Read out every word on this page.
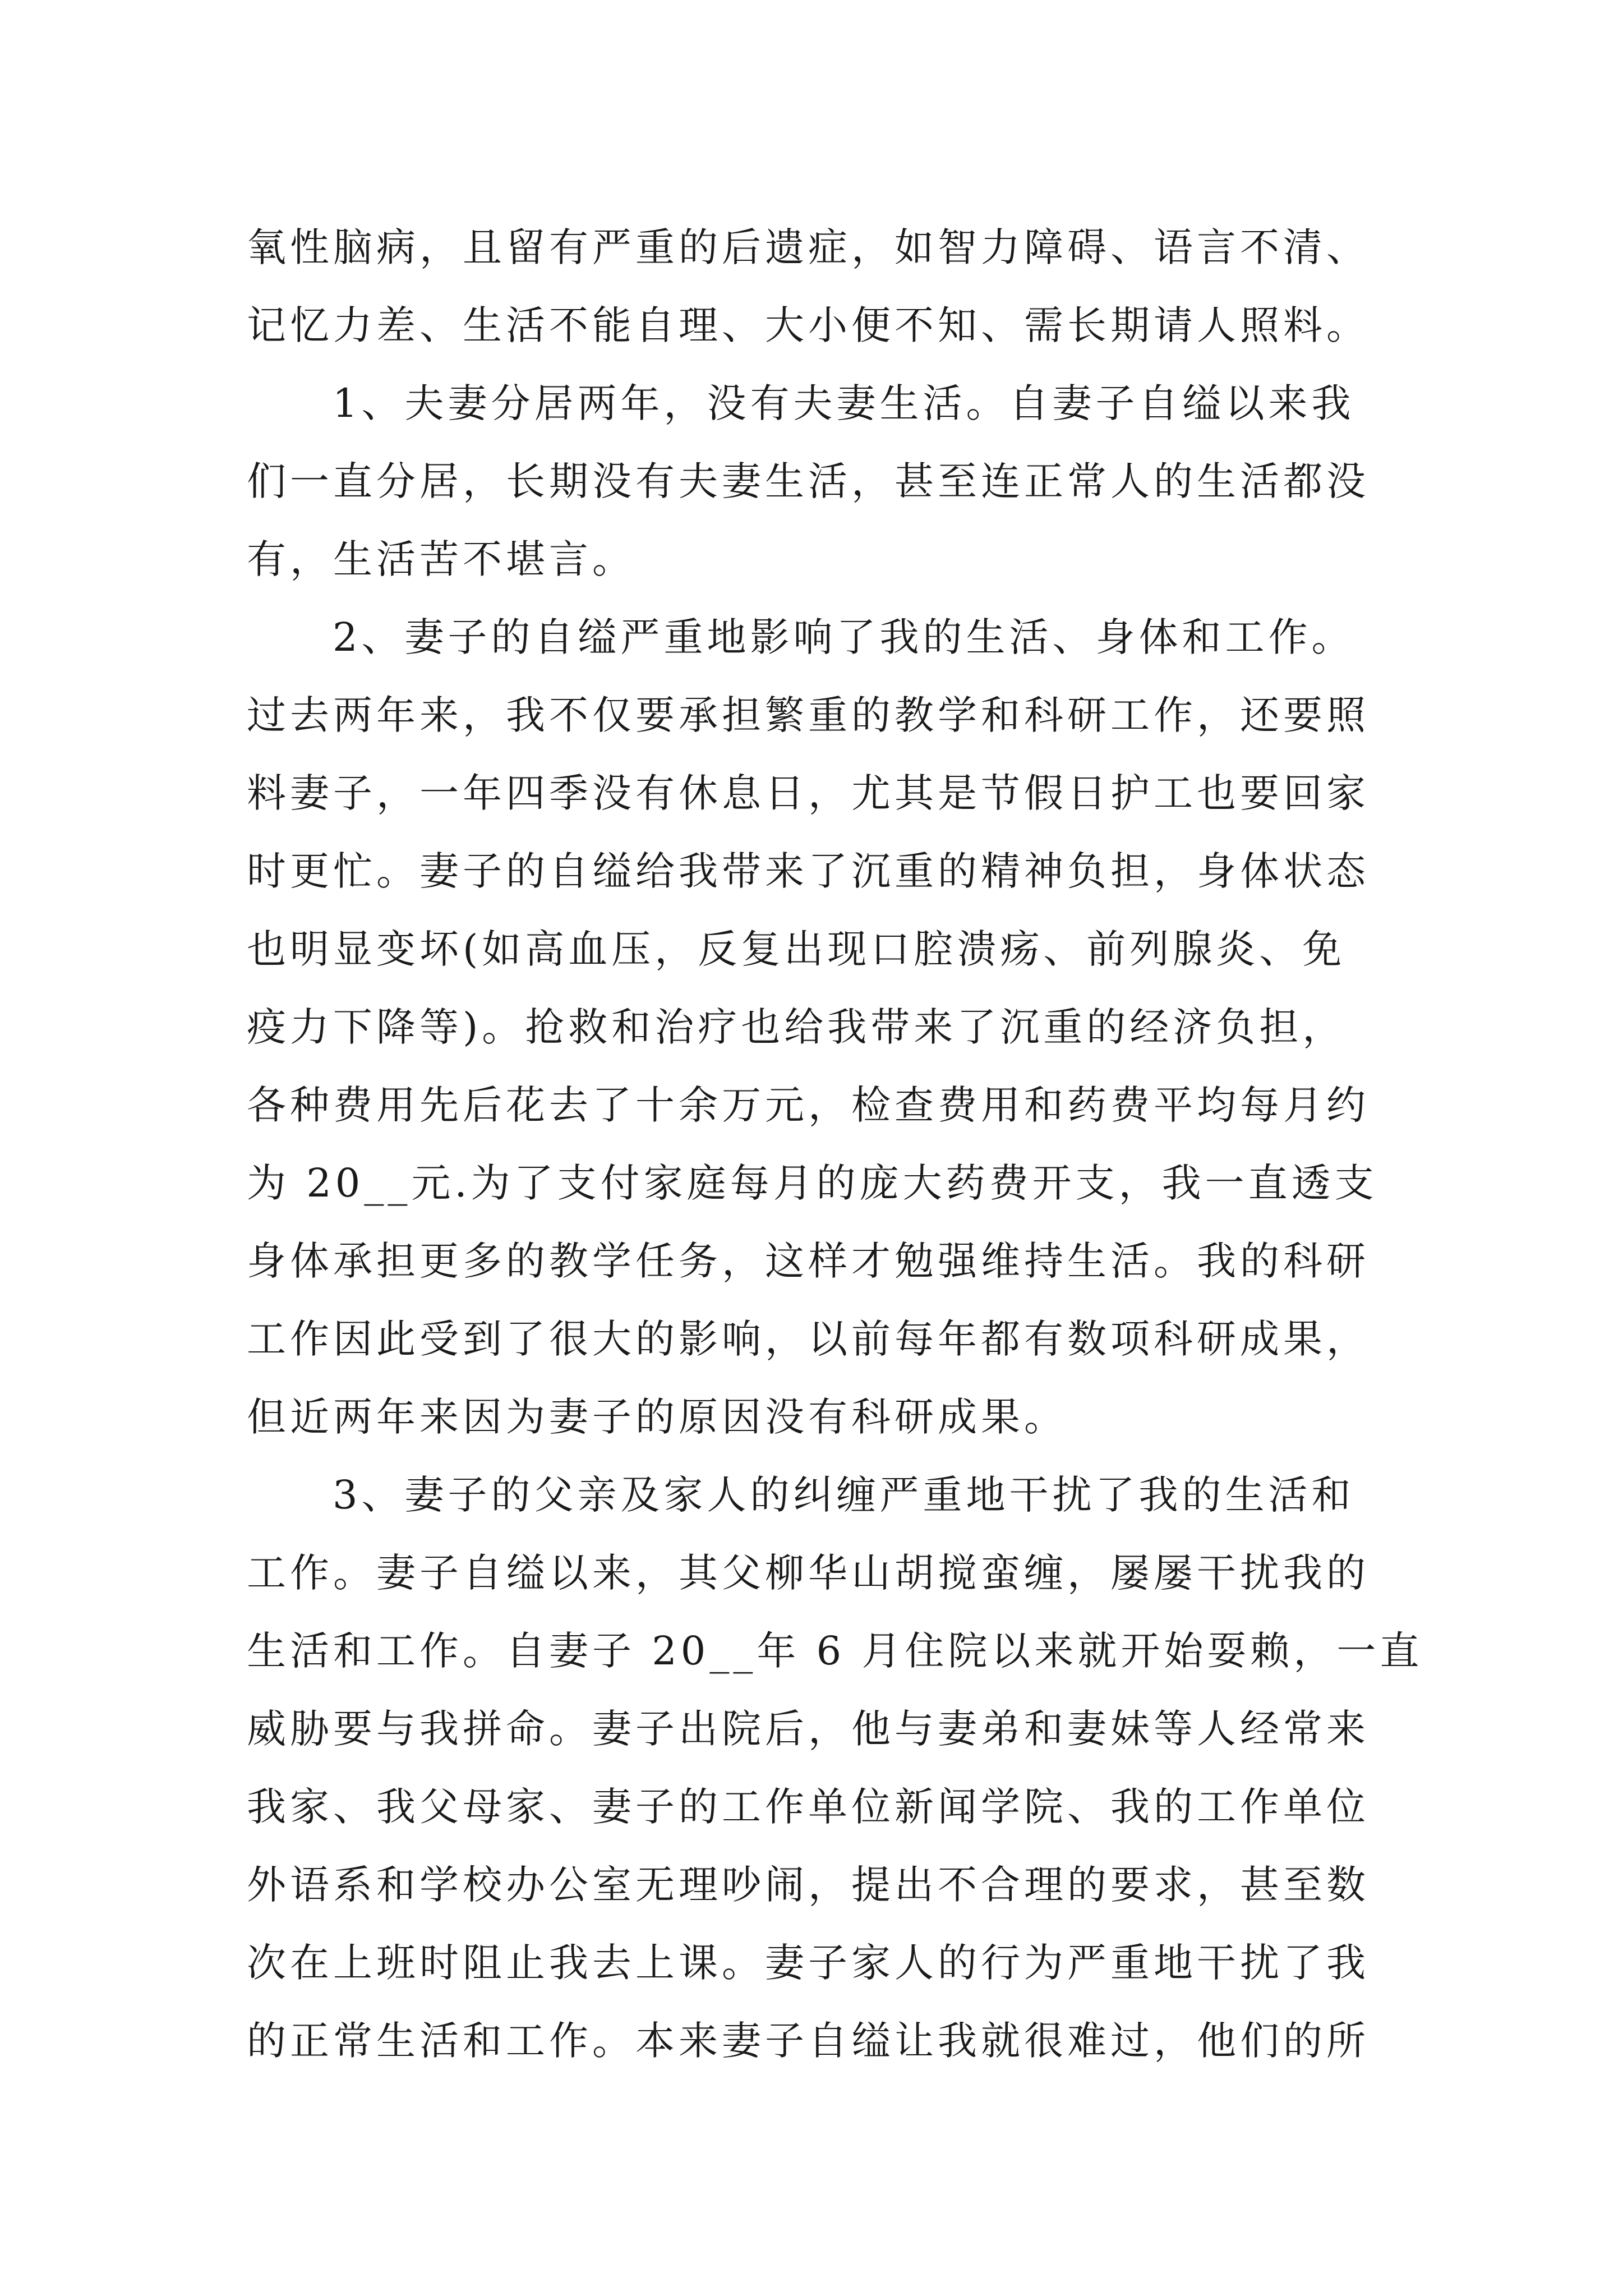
氧性脑病，且留有严重的后遗症，如智力障碍、语言不清、
记忆力差、生活不能自理、大小便不知、需长期请人照料。
1、夫妻分居两年，没有夫妻生活。自妻子自缢以来我
们一直分居，长期没有夫妻生活，甚至连正常人的生活都没
有，生活苦不堪言。
2、妻子的自缢严重地影响了我的生活、身体和工作。
过去两年来，我不仅要承担繁重的教学和科研工作，还要照
料妻子，一年四季没有休息日，尤其是节假日护工也要回家
时更忙。妻子的自缢给我带来了沉重的精神负担，身体状态
也明显变坏(如高血压，反复出现口腔溃疡、前列腺炎、免
疫力下降等)。抢救和治疗也给我带来了沉重的经济负担，
各种费用先后花去了十余万元，检查费用和药费平均每月约
为 20__元.为了支付家庭每月的庞大药费开支，我一直透支
身体承担更多的教学任务，这样才勉强维持生活。我的科研
工作因此受到了很大的影响，以前每年都有数项科研成果，
但近两年来因为妻子的原因没有科研成果。
3、妻子的父亲及家人的纠缠严重地干扰了我的生活和
工作。妻子自缢以来，其父柳华山胡搅蛮缠，屡屡干扰我的
生活和工作。自妻子 20__年 6 月住院以来就开始耍赖，一直
威胁要与我拼命。妻子出院后，他与妻弟和妻妹等人经常来
我家、我父母家、妻子的工作单位新闻学院、我的工作单位
外语系和学校办公室无理吵闹，提出不合理的要求，甚至数
次在上班时阻止我去上课。妻子家人的行为严重地干扰了我
的正常生活和工作。本来妻子自缢让我就很难过，他们的所
